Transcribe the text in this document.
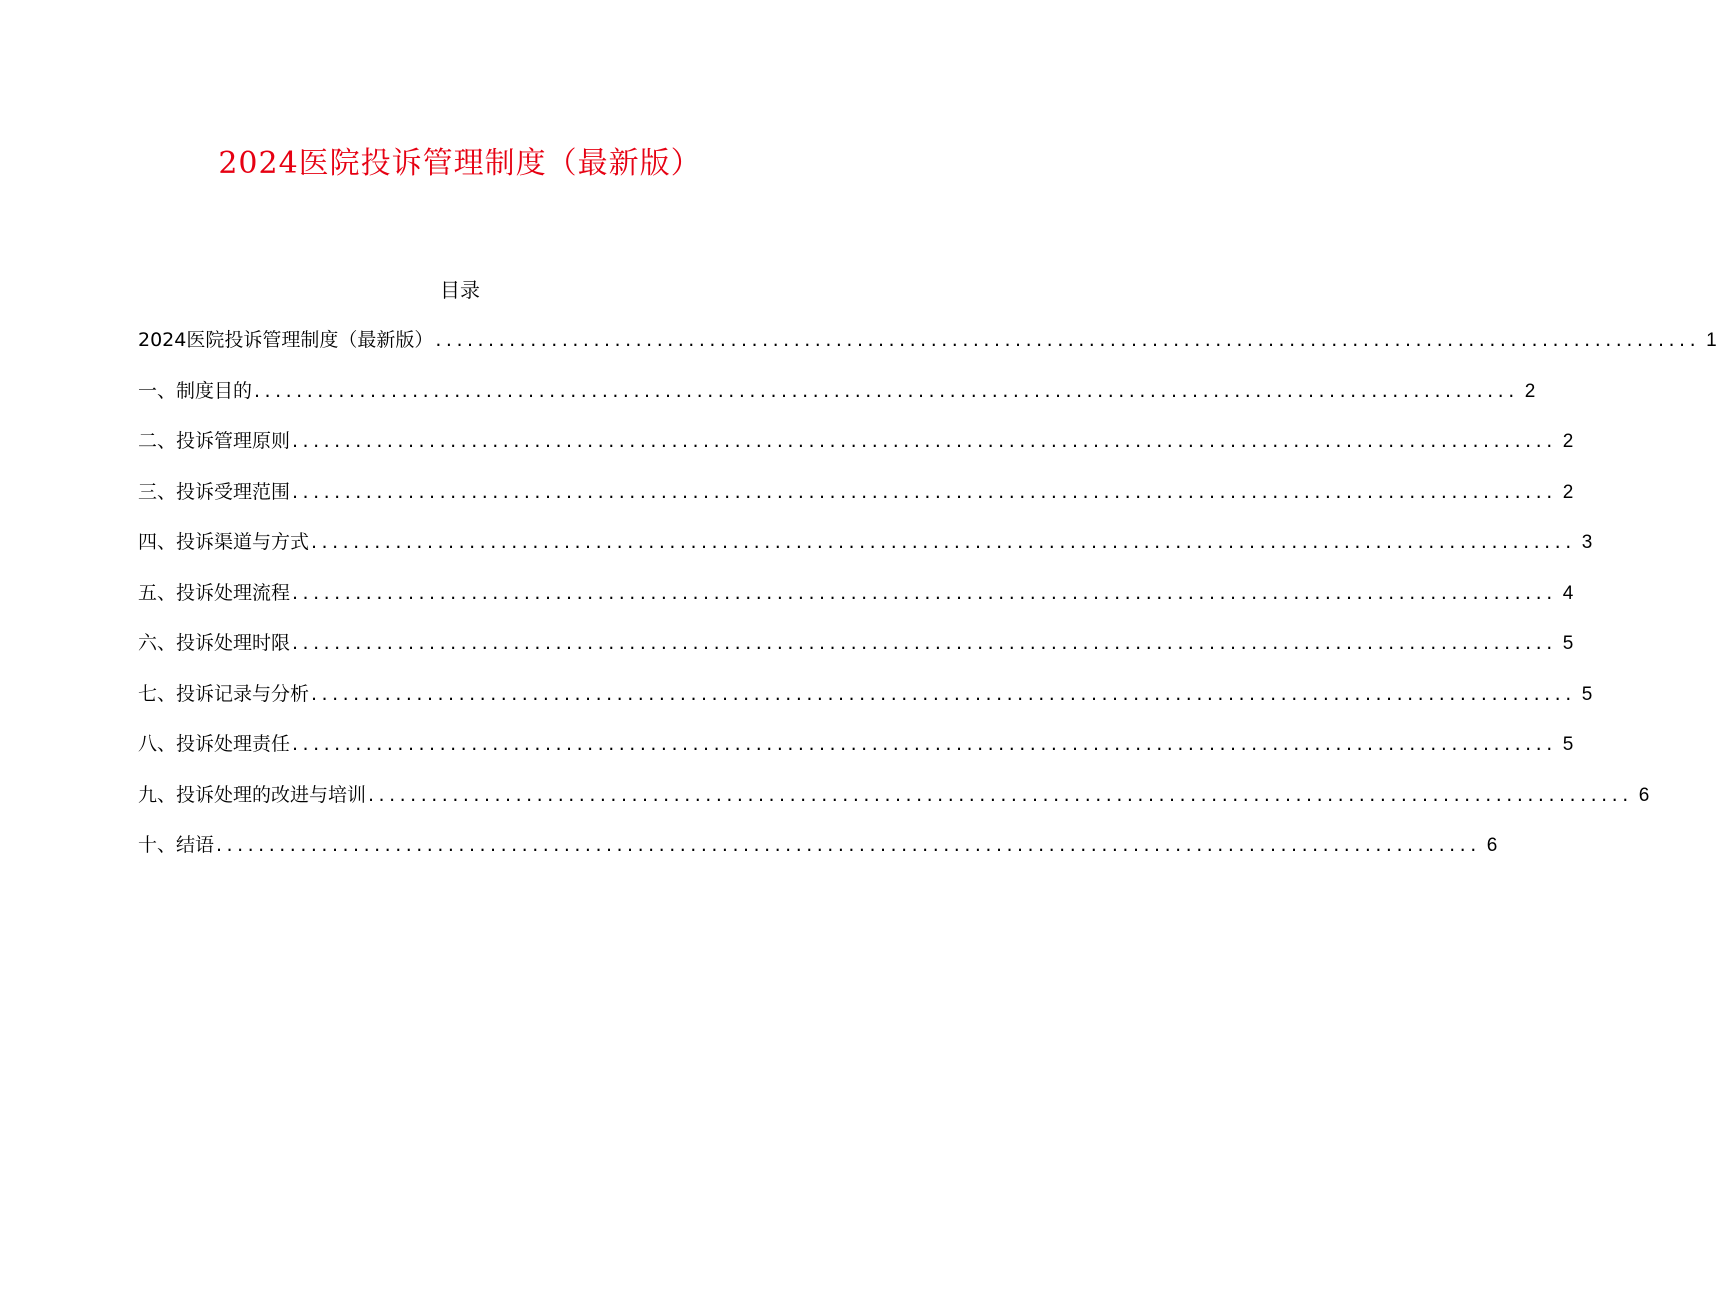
2024医院投诉管理制度（最新版）
目录
2024医院投诉管理制度（最新版） ........................................................................................................................ 1
一、制度目的 ........................................................................................................................ 2
二、投诉管理原则 ........................................................................................................................ 2
三、投诉受理范围 ........................................................................................................................ 2
四、投诉渠道与方式 ........................................................................................................................ 3
五、投诉处理流程 ........................................................................................................................ 4
六、投诉处理时限 ........................................................................................................................ 5
七、投诉记录与分析 ........................................................................................................................ 5
八、投诉处理责任 ........................................................................................................................ 5
九、投诉处理的改进与培训 ........................................................................................................................ 6
十、结语 ........................................................................................................................ 6
